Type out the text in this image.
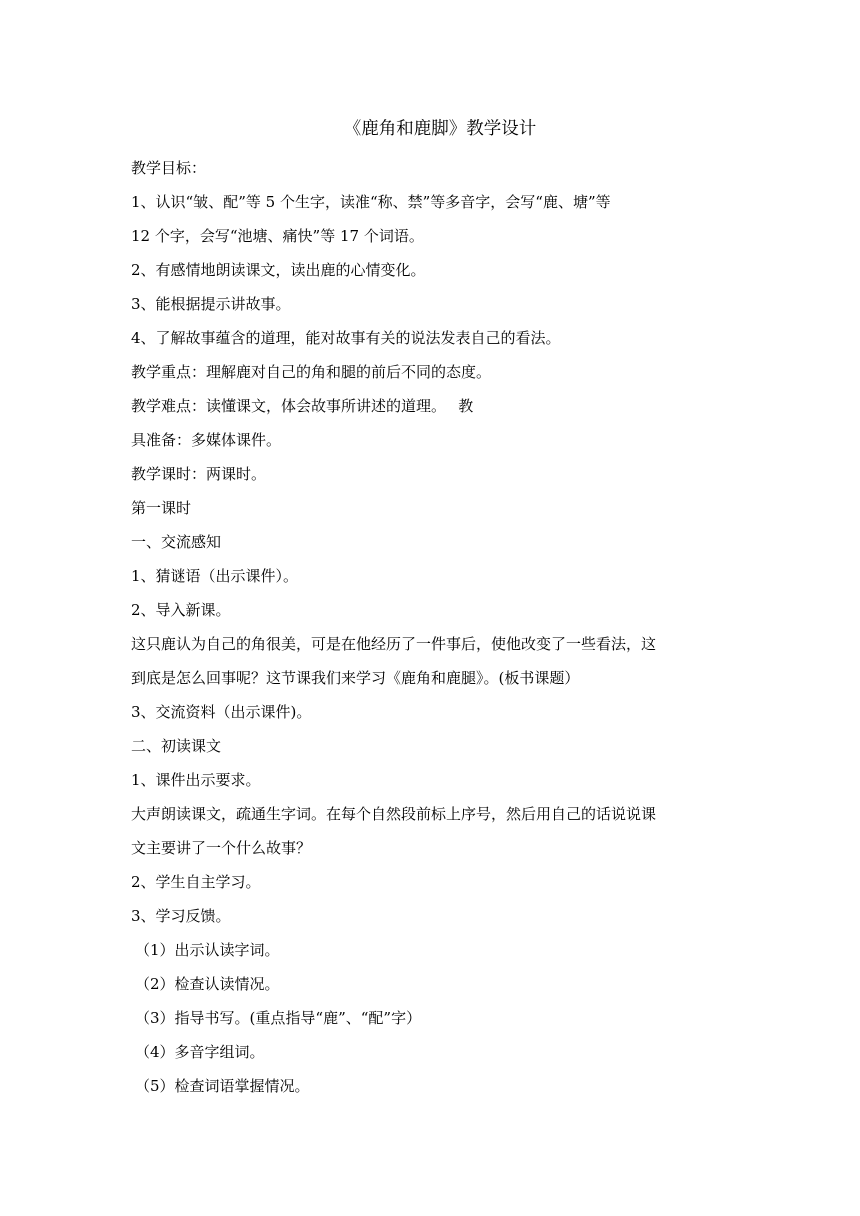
《鹿角和鹿脚》教学设计

教学目标：

1、认识“皱、配”等 5 个生字，读准“称、禁”等多音字，会写“鹿、塘”等

12 个字，会写“池塘、痛快”等 17 个词语。

2、有感情地朗读课文，读出鹿的心情变化。

3、能根据提示讲故事。

4、了解故事蕴含的道理，能对故事有关的说法发表自己的看法。

教学重点：理解鹿对自己的角和腿的前后不同的态度。

教学难点：读懂课文，体会故事所讲述的道理。　 教

具准备：多媒体课件。

教学课时：两课时。

第一课时

一、交流感知

1、猜谜语（出示课件）。

2、导入新课。

这只鹿认为自己的角很美，可是在他经历了一件事后，使他改变了一些看法，这

到底是怎么回事呢？这节课我们来学习《鹿角和鹿腿》。(板书课题）

3、交流资料（出示课件)。

二、初读课文

1、课件出示要求。

大声朗读课文，疏通生字词。在每个自然段前标上序号，然后用自己的话说说课

文主要讲了一个什么故事？

2、学生自主学习。

3、学习反馈。

（1）出示认读字词。

（2）检查认读情况。

（3）指导书写。(重点指导“鹿”、“配”字）

（4）多音字组词。

（5）检查词语掌握情况。
